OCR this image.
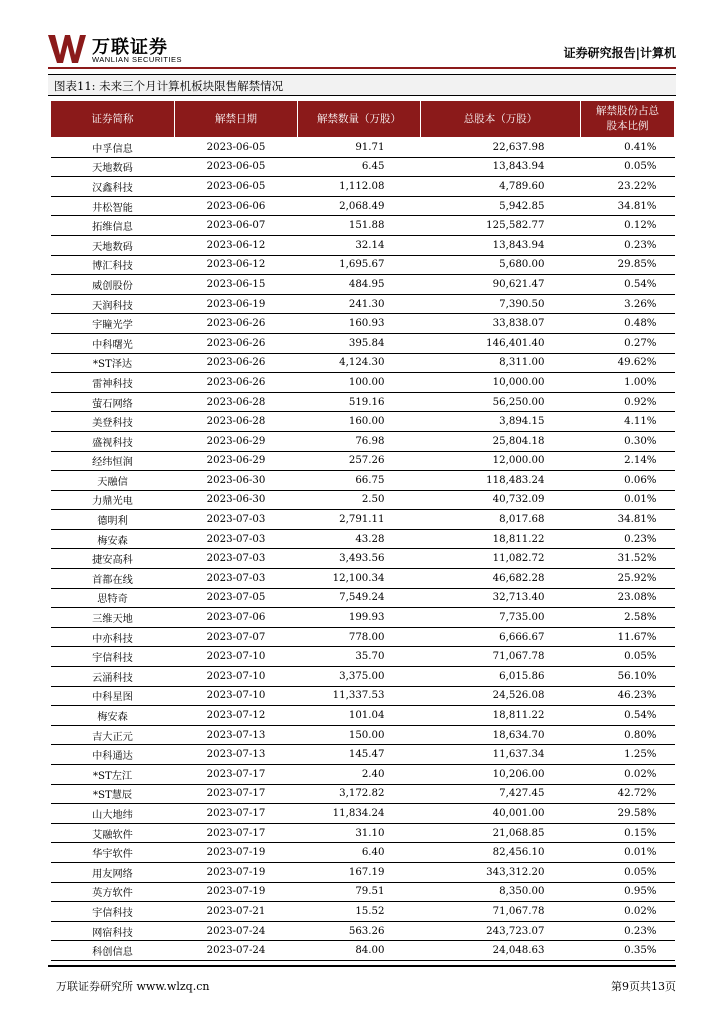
万联证券
WANLIAN SECURITIES	证券研究报告|计算机
图表11: 未来三个月计算机板块限售解禁情况
证券简称	解禁日期	解禁数量（万股）	总股本（万股）	解禁股份占总股本比例
中孚信息	2023-06-05	91.71	22,637.98	0.41%
天地数码	2023-06-05	6.45	13,843.94	0.05%
汉鑫科技	2023-06-05	1,112.08	4,789.60	23.22%
井松智能	2023-06-06	2,068.49	5,942.85	34.81%
拓维信息	2023-06-07	151.88	125,582.77	0.12%
天地数码	2023-06-12	32.14	13,843.94	0.23%
博汇科技	2023-06-12	1,695.67	5,680.00	29.85%
威创股份	2023-06-15	484.95	90,621.47	0.54%
天润科技	2023-06-19	241.30	7,390.50	3.26%
宇瞳光学	2023-06-26	160.93	33,838.07	0.48%
中科曙光	2023-06-26	395.84	146,401.40	0.27%
*ST泽达	2023-06-26	4,124.30	8,311.00	49.62%
雷神科技	2023-06-26	100.00	10,000.00	1.00%
萤石网络	2023-06-28	519.16	56,250.00	0.92%
美登科技	2023-06-28	160.00	3,894.15	4.11%
盛视科技	2023-06-29	76.98	25,804.18	0.30%
经纬恒润	2023-06-29	257.26	12,000.00	2.14%
天融信	2023-06-30	66.75	118,483.24	0.06%
力鼎光电	2023-06-30	2.50	40,732.09	0.01%
德明利	2023-07-03	2,791.11	8,017.68	34.81%
梅安森	2023-07-03	43.28	18,811.22	0.23%
捷安高科	2023-07-03	3,493.56	11,082.72	31.52%
首都在线	2023-07-03	12,100.34	46,682.28	25.92%
思特奇	2023-07-05	7,549.24	32,713.40	23.08%
三维天地	2023-07-06	199.93	7,735.00	2.58%
中亦科技	2023-07-07	778.00	6,666.67	11.67%
宇信科技	2023-07-10	35.70	71,067.78	0.05%
云涌科技	2023-07-10	3,375.00	6,015.86	56.10%
中科星图	2023-07-10	11,337.53	24,526.08	46.23%
梅安森	2023-07-12	101.04	18,811.22	0.54%
吉大正元	2023-07-13	150.00	18,634.70	0.80%
中科通达	2023-07-13	145.47	11,637.34	1.25%
*ST左江	2023-07-17	2.40	10,206.00	0.02%
*ST慧辰	2023-07-17	3,172.82	7,427.45	42.72%
山大地纬	2023-07-17	11,834.24	40,001.00	29.58%
艾融软件	2023-07-17	31.10	21,068.85	0.15%
华宇软件	2023-07-19	6.40	82,456.10	0.01%
用友网络	2023-07-19	167.19	343,312.20	0.05%
英方软件	2023-07-19	79.51	8,350.00	0.95%
宇信科技	2023-07-21	15.52	71,067.78	0.02%
网宿科技	2023-07-24	563.26	243,723.07	0.23%
科创信息	2023-07-24	84.00	24,048.63	0.35%
万联证券研究所 www.wlzq.cn	第9页共13页
